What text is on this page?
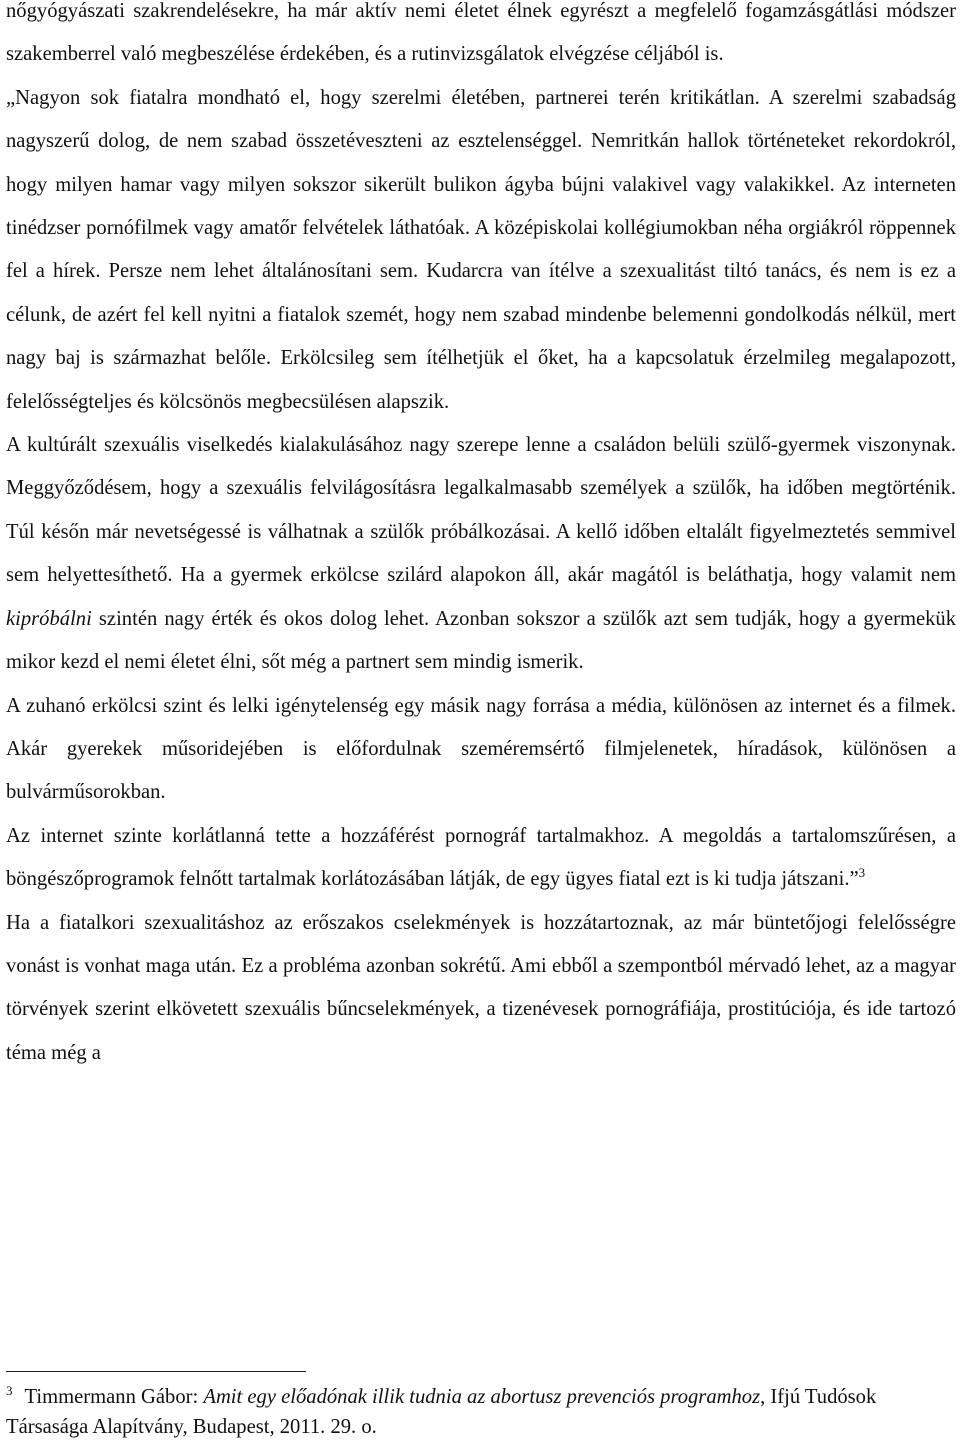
nőgyógyászati szakrendelésekre, ha már aktív nemi életet élnek egyrészt a megfelelő fogamzásgátlási módszer szakemberrel való megbeszélése érdekében, és a rutinvizsgálatok elvégzése céljából is.

„Nagyon sok fiatalra mondható el, hogy szerelmi életében, partnerei terén kritikátlan. A szerelmi szabadság nagyszerű dolog, de nem szabad összetéveszteni az esztelenséggel. Nemritkán hallok történeteket rekordokról, hogy milyen hamar vagy milyen sokszor sikerült bulikon ágyba bújni valakivel vagy valakikkel. Az interneten tinédzser pornófilmek vagy amatőr felvételek láthatóak. A középiskolai kollégiumokban néha orgiákról röppennek fel a hírek. Persze nem lehet általánosítani sem. Kudarcra van ítélve a szexualitást tiltó tanács, és nem is ez a célunk, de azért fel kell nyitni a fiatalok szemét, hogy nem szabad mindenbe belemenni gondolkodás nélkül, mert nagy baj is származhat belőle. Erkölcsileg sem ítélhetjük el őket, ha a kapcsolatuk érzelmileg megalapozott, felelősségteljes és kölcsönös megbecsülésen alapszik.

A kultúrált szexuális viselkedés kialakulásához nagy szerepe lenne a családon belüli szülő-gyermek viszonynak. Meggyőződésem, hogy a szexuális felvilágosításra legalkalmasabb személyek a szülők, ha időben megtörténik. Túl későn már nevetségessé is válhatnak a szülők próbálkozásai. A kellő időben eltalált figyelmeztetés semmivel sem helyettesíthető. Ha a gyermek erkölcse szilárd alapokon áll, akár magától is beláthatja, hogy valamit nem kipróbálni szintén nagy érték és okos dolog lehet. Azonban sokszor a szülők azt sem tudják, hogy a gyermekük mikor kezd el nemi életet élni, sőt még a partnert sem mindig ismerik.

A zuhanó erkölcsi szint és lelki igénytelenség egy másik nagy forrása a média, különösen az internet és a filmek. Akár gyerekek műsoridejében is előfordulnak szeméremsértő filmjelenetek, híradások, különösen a bulvárműsorokban.

Az internet szinte korlátlanná tette a hozzáférést pornográf tartalmakhoz. A megoldás a tartalomszűrésen, a böngészőprogramok felnőtt tartalmak korlátozásában látják, de egy ügyes fiatal ezt is ki tudja játszani.”$^3$

Ha a fiatalkori szexualitáshoz az erőszakos cselekmények is hozzátartoznak, az már büntetőjogi felelősségre vonást is vonhat maga után. Ez a probléma azonban sokrétű. Ami ebből a szempontból mérvadó lehet, az a magyar törvények szerint elkövetett szexuális bűncselekmények, a tizenévesek pornográfiája, prostitúciója, és ide tartozó téma még a

$^3$ Timmermann Gábor: Amit egy előadónak illik tudnia az abortusz prevenciós programhoz, Ifjú Tudósok Társasága Alapítvány, Budapest, 2011. 29. o.
